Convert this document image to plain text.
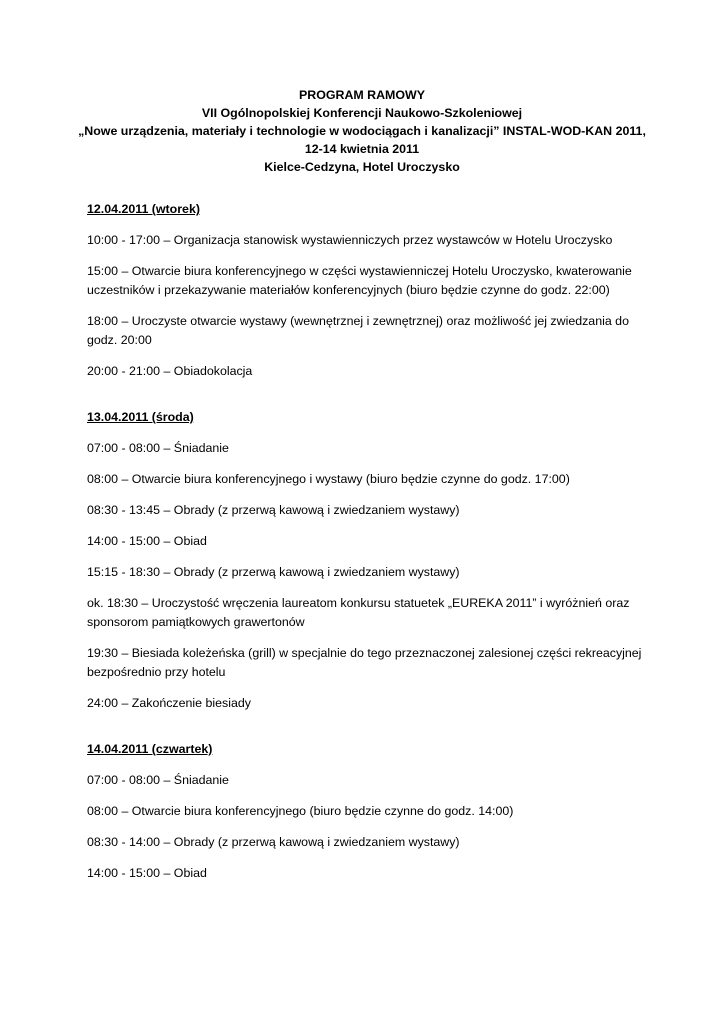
PROGRAM RAMOWY
VII Ogólnopolskiej Konferencji Naukowo-Szkoleniowej
„Nowe urządzenia, materiały i technologie w wodociągach i kanalizacji” INSTAL-WOD-KAN 2011,
12-14 kwietnia 2011
Kielce-Cedzyna, Hotel Uroczysko
12.04.2011 (wtorek)
10:00 - 17:00 – Organizacja stanowisk wystawienniczych przez wystawców w Hotelu Uroczysko
15:00 – Otwarcie biura konferencyjnego w części wystawienniczej Hotelu Uroczysko, kwaterowanie uczestników i przekazywanie materiałów konferencyjnych (biuro będzie czynne do godz. 22:00)
18:00 – Uroczyste otwarcie wystawy (wewnętrznej i zewnętrznej) oraz możliwość jej zwiedzania do godz. 20:00
20:00 - 21:00 – Obiadokolacja
13.04.2011 (środa)
07:00 - 08:00 – Śniadanie
08:00 – Otwarcie biura konferencyjnego i wystawy (biuro będzie czynne do godz. 17:00)
08:30 - 13:45 – Obrady (z przerwą kawową i zwiedzaniem wystawy)
14:00 - 15:00 – Obiad
15:15 - 18:30 – Obrady (z przerwą kawową i zwiedzaniem wystawy)
ok. 18:30 – Uroczystość wręczenia laureatom konkursu statuetek „EUREKA 2011” i wyróżnień oraz sponsorom pamiątkowych grawertonów
19:30 – Biesiada koleżeńska (grill) w specjalnie do tego przeznaczonej zalesionej części rekreacyjnej bezpośrednio przy hotelu
24:00 – Zakończenie biesiady
14.04.2011 (czwartek)
07:00 - 08:00 – Śniadanie
08:00 – Otwarcie biura konferencyjnego (biuro będzie czynne do godz. 14:00)
08:30 - 14:00 – Obrady (z przerwą kawową i zwiedzaniem wystawy)
14:00 - 15:00 – Obiad
